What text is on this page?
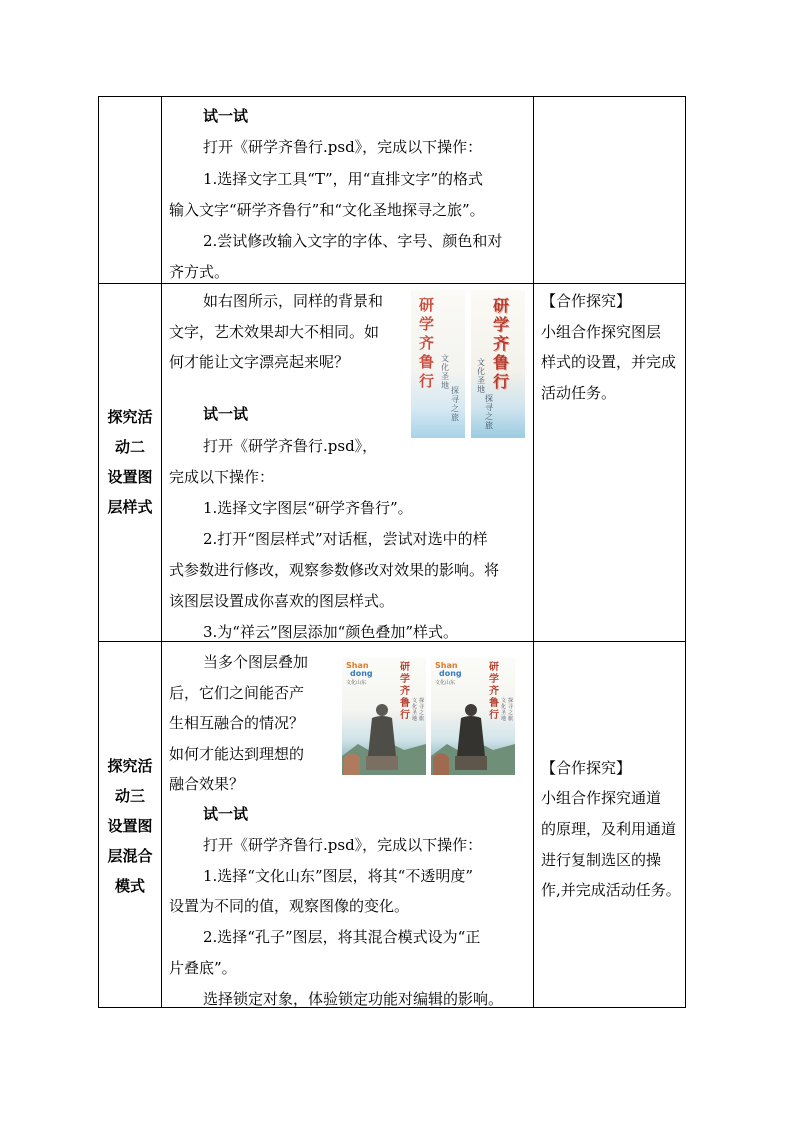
试一试
打开《研学齐鲁行.psd》，完成以下操作：
1.选择文字工具“T”，用“直排文字”的格式
输入文字“研学齐鲁行”和“文化圣地探寻之旅”。
2.尝试修改输入文字的字体、字号、颜色和对
齐方式。
探究活
动二
设置图
层样式
如右图所示，同样的背景和
文字，艺术效果却大不相同。如
何才能让文字漂亮起来呢？
研学齐鲁行
文化圣地
探寻之旅
研学齐鲁行
文化圣地
探寻之旅
试一试
打开《研学齐鲁行.psd》，
完成以下操作：
1.选择文字图层“研学齐鲁行”。
2.打开“图层样式”对话框，尝试对选中的样
式参数进行修改，观察参数修改对效果的影响。将
该图层设置成你喜欢的图层样式。
3.为“祥云”图层添加“颜色叠加”样式。
【合作探究】
小组合作探究图层
样式的设置，并完成
活动任务。
探究活
动三
设置图
层混合
模式
当多个图层叠加
后，它们之间能否产
生相互融合的情况？
如何才能达到理想的
融合效果？
Shan
dong
文化山东
研学齐鲁行
文化圣地
探寻之旅
Shan
dong
文化山东
研学齐鲁行
文化圣地
探寻之旅
试一试
打开《研学齐鲁行.psd》，完成以下操作：
1.选择“文化山东”图层，将其“不透明度”
设置为不同的值，观察图像的变化。
2.选择“孔子”图层，将其混合模式设为“正
片叠底”。
选择锁定对象，体验锁定功能对编辑的影响。
【合作探究】
小组合作探究通道
的原理，及利用通道
进行复制选区的操
作,并完成活动任务。
